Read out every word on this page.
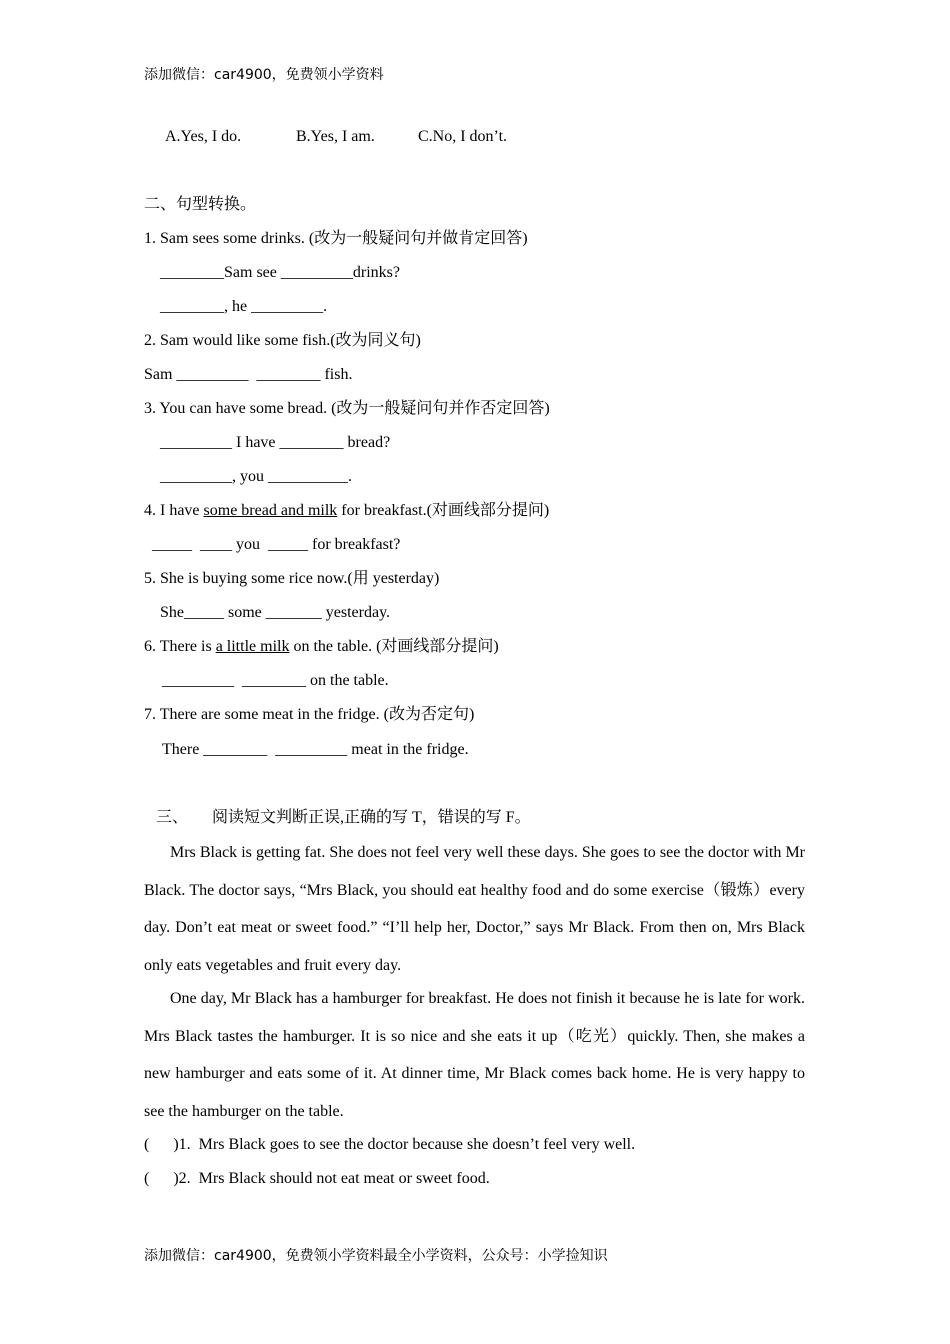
添加微信：car4900，免费领小学资料
A.Yes, I do.	B.Yes, I am.	C.No, I don’t.
二、句型转换。
1. Sam sees some drinks. (改为一般疑问句并做肯定回答)
________Sam see _________drinks?
________, he _________.
2. Sam would like some fish.(改为同义句)
Sam _________  ________ fish.
3. You can have some bread. (改为一般疑问句并作否定回答)
_________ I have ________ bread?
_________, you __________.
4. I have some bread and milk for breakfast.(对画线部分提问)
_____  ____ you  _____ for breakfast?
5. She is buying some rice now.(用 yesterday)
She_____ some _______ yesterday.
6. There is a little milk on the table. (对画线部分提问)
_________  ________ on the table.
7. There are some meat in the fridge. (改为否定句)
There ________  _________ meat in the fridge.
三、 阅读短文判断正误,正确的写 T，错误的写 F。
Mrs Black is getting fat. She does not feel very well these days. She goes to see the doctor with Mr Black. The doctor says, “Mrs Black, you should eat healthy food and do some exercise（锻炼）every day. Don’t eat meat or sweet food.” “I’ll help her, Doctor,” says Mr Black. From then on, Mrs Black only eats vegetables and fruit every day.
One day, Mr Black has a hamburger for breakfast. He does not finish it because he is late for work. Mrs Black tastes the hamburger. It is so nice and she eats it up（吃光）quickly. Then, she makes a new hamburger and eats some of it. At dinner time, Mr Black comes back home. He is very happy to see the hamburger on the table.
(      )1.  Mrs Black goes to see the doctor because she doesn’t feel very well.
(      )2.  Mrs Black should not eat meat or sweet food.
添加微信：car4900，免费领小学资料最全小学资料，公众号：小学捡知识
